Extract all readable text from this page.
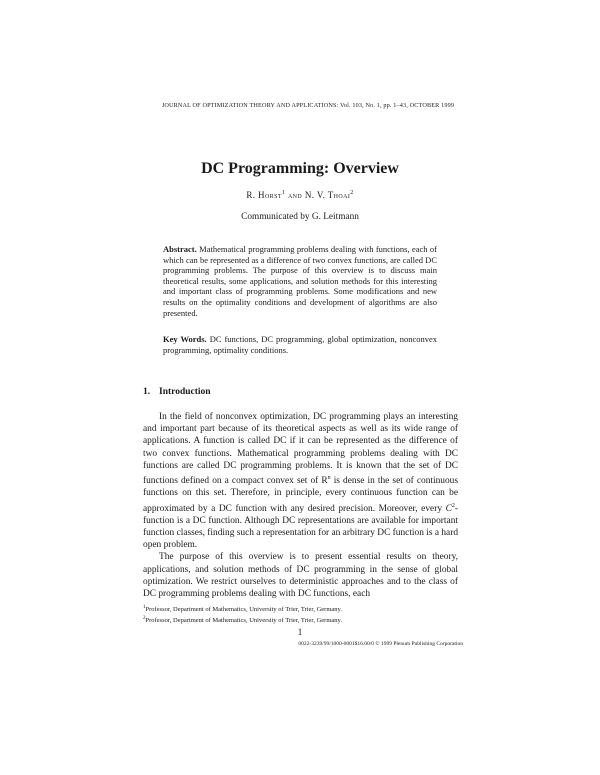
JOURNAL OF OPTIMIZATION THEORY AND APPLICATIONS: Vol. 103, No. 1, pp. 1–43, OCTOBER 1999
DC Programming: Overview
R. Horst$^1$ and N. V. Thoai$^2$
Communicated by G. Leitmann
Abstract. Mathematical programming problems dealing with functions, each of which can be represented as a difference of two convex functions, are called DC programming problems. The purpose of this overview is to discuss main theoretical results, some applications, and solution methods for this interesting and important class of programming problems. Some modifications and new results on the optimality conditions and development of algorithms are also presented.
Key Words. DC functions, DC programming, global optimization, nonconvex programming, optimality conditions.
1. Introduction

In the field of nonconvex optimization, DC programming plays an interesting and important part because of its theoretical aspects as well as its wide range of applications. A function is called DC if it can be represented as the difference of two convex functions. Mathematical programming problems dealing with DC functions are called DC programming problems. It is known that the set of DC functions defined on a compact convex set of $R^n$ is dense in the set of continuous functions on this set. Therefore, in principle, every continuous function can be approximated by a DC function with any desired precision. Moreover, every $C^2$-function is a DC function. Although DC representations are available for important function classes, finding such a representation for an arbitrary DC function is a hard open problem.

The purpose of this overview is to present essential results on theory, applications, and solution methods of DC programming in the sense of global optimization. We restrict ourselves to deterministic approaches and to the class of DC programming problems dealing with DC functions, each

$^1$Professor, Department of Mathematics, University of Trier, Trier, Germany.
$^2$Professor, Department of Mathematics, University of Trier, Trier, Germany.
1
0022-3239/99/1000-0001$16.00/0 © 1999 Plenum Publishing Corporation
